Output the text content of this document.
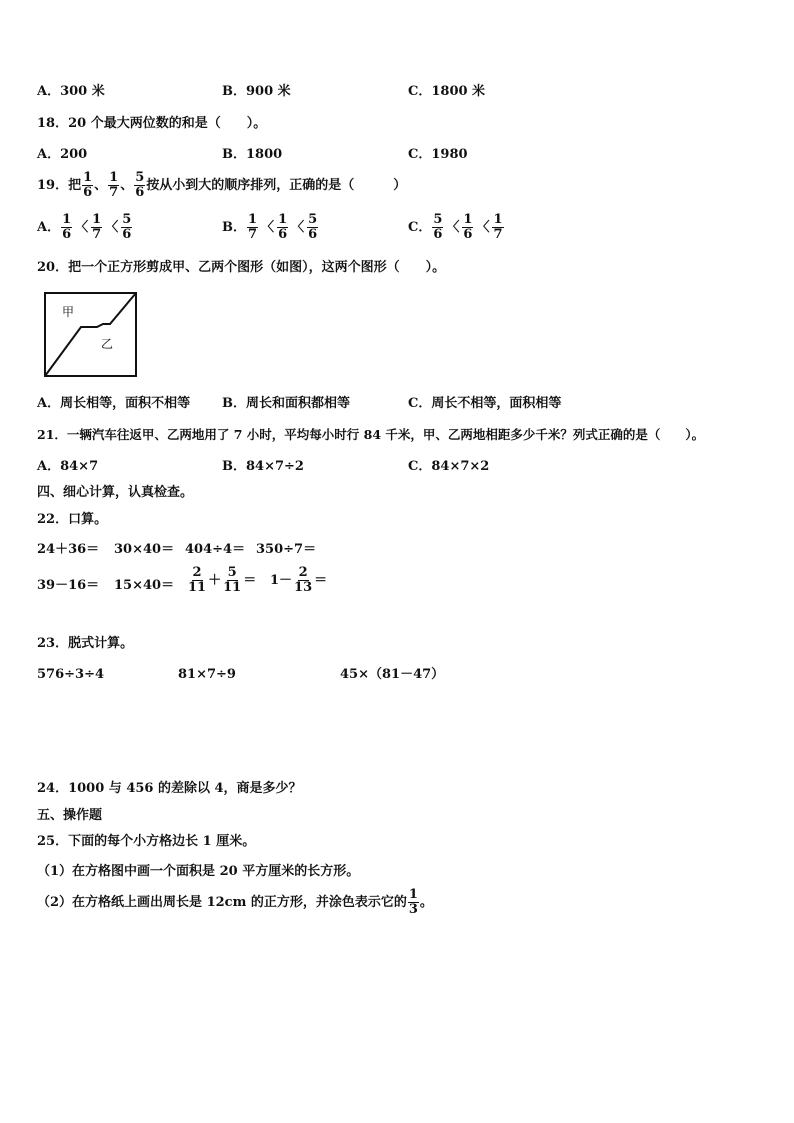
A．300 米	B．900 米	C．1800 米
18．20 个最大两位数的和是（　　）。
A．200	B．1800	C．1980
19．把 $\frac{1}{6}$ 、 $\frac{1}{7}$ 、 $\frac{5}{6}$ 按从小到大的顺序排列，正确的是（　　　）
A． $\frac{1}{6}$ 〈 $\frac{1}{7}$ 〈 $\frac{5}{6}$	B． $\frac{1}{7}$ 〈 $\frac{1}{6}$ 〈 $\frac{5}{6}$	C． $\frac{5}{6}$ 〈 $\frac{1}{6}$ 〈 $\frac{1}{7}$
20．把一个正方形剪成甲、乙两个图形（如图），这两个图形（　　）。
甲
乙
A．周长相等，面积不相等 B．周长和面积都相等	C．周长不相等，面积相等
21．一辆汽车往返甲、乙两地用了 7 小时，平均每小时行 84 千米，甲、乙两地相距多少千米？列式正确的是（　　）。
A．84×7	B．84×7÷2	C．84×7×2
四、细心计算，认真检查。
22．口算。
24＋36＝ 30×40＝ 404÷4＝ 350÷7＝
$39-16= 15\times 40= \frac{2}{11} + \frac{5}{11} = 1- \frac{2}{13}$ ＝
23．脱式计算。
576÷3÷4	81×7÷9	45×（81－47）
24．1000 与 456 的差除以 4，商是多少？
五、操作题
25．下面的每个小方格边长 1 厘米。
（1）在方格图中画一个面积是 20 平方厘米的长方形。
（2）在方格纸上画出周长是 12cm 的正方形，并涂色表示它的 $\frac{1}{3}$ 。
